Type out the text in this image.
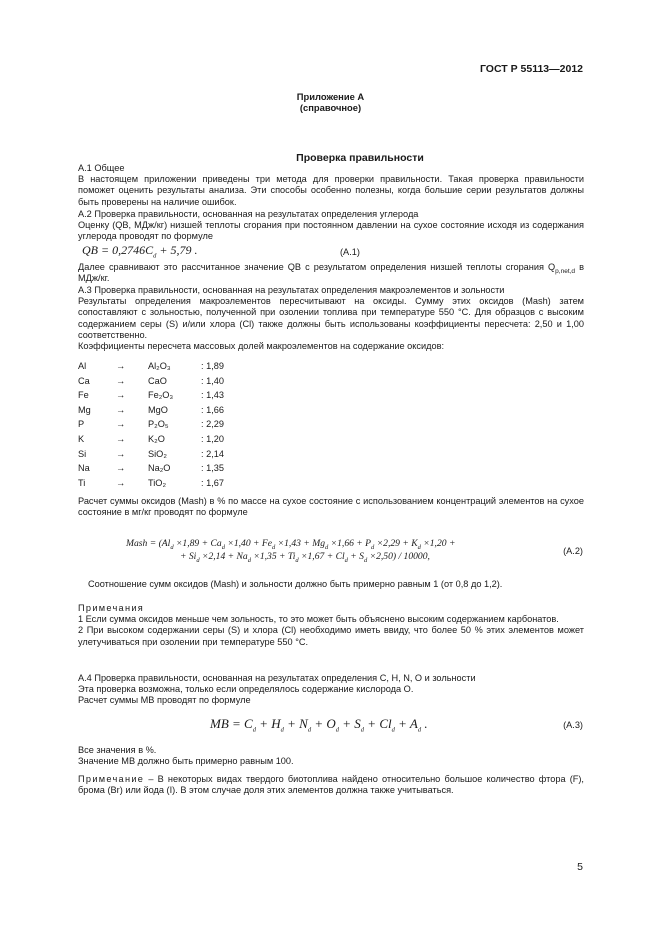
ГОСТ Р 55113—2012
Приложение А
(справочное)
Проверка правильности

А.1 Общее

В настоящем приложении приведены три метода для проверки правильности. Такая проверка правильности поможет оценить результаты анализа. Эти способы особенно полезны, когда большие серии результатов должны быть проверены на наличие ошибок.

А.2 Проверка правильности, основанная на результатах определения углерода

Оценку (QB, МДж/кг) низшей теплоты сгорания при постоянном давлении на сухое состояние исходя из содержания углерода проводят по формуле

QB = $0,2746C_d + 5,79$ .	(A.1)
Далее сравнивают это рассчитанное значение QB с результатом определения низшей теплоты сгорания $Q_{p,net,d}$ в МДж/кг.

А.3 Проверка правильности, основанная на результатах определения макроэлементов и зольности

Результаты определения макроэлементов пересчитывают на оксиды. Сумму этих оксидов (Mash) затем сопоставляют с зольностью, полученной при озолении топлива при температуре 550 °С. Для образцов с высоким содержанием серы (S) и/или хлора (Cl) также должны быть использованы коэффициенты пересчета: 2,50 и 1,00 соответственно.

Коэффициенты пересчета массовых долей макроэлементов на содержание оксидов:

Al	→ Al₂O₃	: 1,89
Ca	→ CaO	: 1,40
Fe	→ Fe₂O₃	: 1,43
Mg	→ MgO	: 1,66
P	→ P₂O₅	: 2,29
K	→ K₂O	: 1,20
Si	→ SiO₂	: 2,14
Na	→ Na₂O	: 1,35
Ti	→ TiO₂	: 1,67
Расчет суммы оксидов (Mash) в % по массе на сухое состояние с использованием концентраций элементов на сухое состояние в мг/кг проводят по формуле
Mash = ($Al_d \times 1,89 + Ca_d \times 1,40 + Fe_d \times 1,43 + Mg_d \times 1,66 + P_d \times 2,29 + K_d \times 1,20$ +
+ $Si_d \times 2,14 + Na_d \times 1,35 + Ti_d \times 1,67 + Cl_d + S_d \times 2,50) / 10000$,	(A.2)
Соотношение сумм оксидов (Mash) и зольности должно быть примерно равным 1 (от 0,8 до 1,2).

Примечания

1 Если сумма оксидов меньше чем зольность, то это может быть объяснено высоким содержанием карбонатов.

2 При высоком содержании серы (S) и хлора (Cl) необходимо иметь ввиду, что более 50 % этих элементов может улетучиваться при озолении при температуре 550 °С.

А.4 Проверка правильности, основанная на результатах определения С, Н, N, О и зольности

Эта проверка возможна, только если определялось содержание кислорода О.

Расчет суммы MB проводят по формуле

MB = $C_d + H_d + N_d + O_d + S_d + Cl_d + A_d$ .	(A.3)

Все значения в %.

Значение MB должно быть примерно равным 100.

Примечание – В некоторых видах твердого биотоплива найдено относительно большое количество фтора (F), брома (Br) или йода (I). В этом случае доля этих элементов должна также учитываться.
5
